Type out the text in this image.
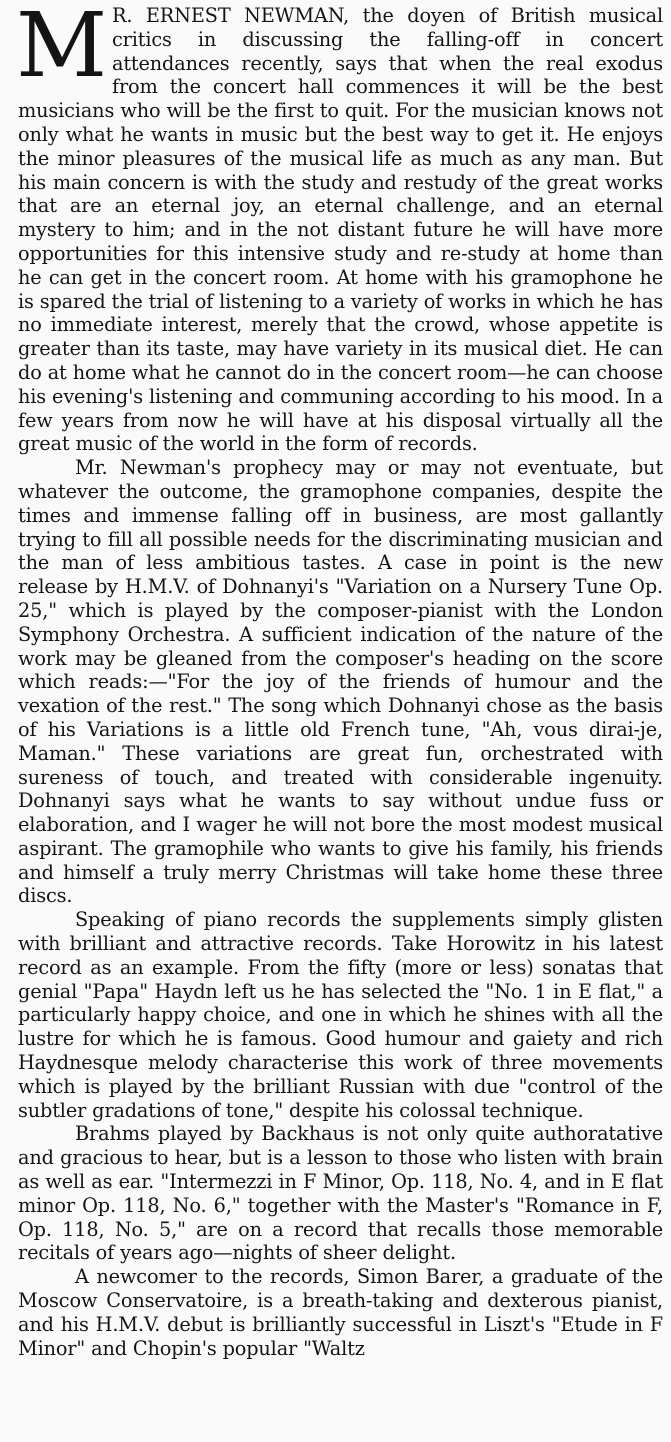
M R. ERNEST NEWMAN, the doyen of British musical critics in discussing the falling-off in concert attendances recently, says that when the real exodus from the concert hall commences it will be the best musicians who will be the first to quit. For the musician knows not only what he wants in music but the best way to get it. He enjoys the minor pleasures of the musical life as much as any man. But his main concern is with the study and restudy of the great works that are an eternal joy, an eternal challenge, and an eternal mystery to him; and in the not distant future he will have more opportunities for this intensive study and re-study at home than he can get in the concert room. At home with his gramophone he is spared the trial of listening to a variety of works in which he has no immediate interest, merely that the crowd, whose appetite is greater than its taste, may have variety in its musical diet. He can do at home what he cannot do in the concert room—he can choose his evening's listening and communing according to his mood. In a few years from now he will have at his disposal virtually all the great music of the world in the form of records.

Mr. Newman's prophecy may or may not eventuate, but whatever the outcome, the gramophone companies, despite the times and immense falling off in business, are most gallantly trying to fill all possible needs for the discriminating musician and the man of less ambitious tastes. A case in point is the new release by H.M.V. of Dohnanyi's "Variation on a Nursery Tune Op. 25," which is played by the composer-pianist with the London Symphony Orchestra. A sufficient indication of the nature of the work may be gleaned from the composer's heading on the score which reads:—"For the joy of the friends of humour and the vexation of the rest." The song which Dohnanyi chose as the basis of his Variations is a little old French tune, "Ah, vous dirai-je, Maman." These variations are great fun, orchestrated with sureness of touch, and treated with considerable ingenuity. Dohnanyi says what he wants to say without undue fuss or elaboration, and I wager he will not bore the most modest musical aspirant. The gramophile who wants to give his family, his friends and himself a truly merry Christmas will take home these three discs.

Speaking of piano records the supplements simply glisten with brilliant and attractive records. Take Horowitz in his latest record as an example. From the fifty (more or less) sonatas that genial "Papa" Haydn left us he has selected the "No. 1 in E flat," a particularly happy choice, and one in which he shines with all the lustre for which he is famous. Good humour and gaiety and rich Haydnesque melody characterise this work of three movements which is played by the brilliant Russian with due "control of the subtler gradations of tone," despite his colossal technique.

Brahms played by Backhaus is not only quite authoratative and gracious to hear, but is a lesson to those who listen with brain as well as ear. "Intermezzi in F Minor, Op. 118, No. 4, and in E flat minor Op. 118, No. 6," together with the Master's "Romance in F, Op. 118, No. 5," are on a record that recalls those memorable recitals of years ago—nights of sheer delight.

A newcomer to the records, Simon Barer, a graduate of the Moscow Conservatoire, is a breath-taking and dexterous pianist, and his H.M.V. debut is brilliantly successful in Liszt's "Etude in F Minor" and Chopin's popular "Waltz
